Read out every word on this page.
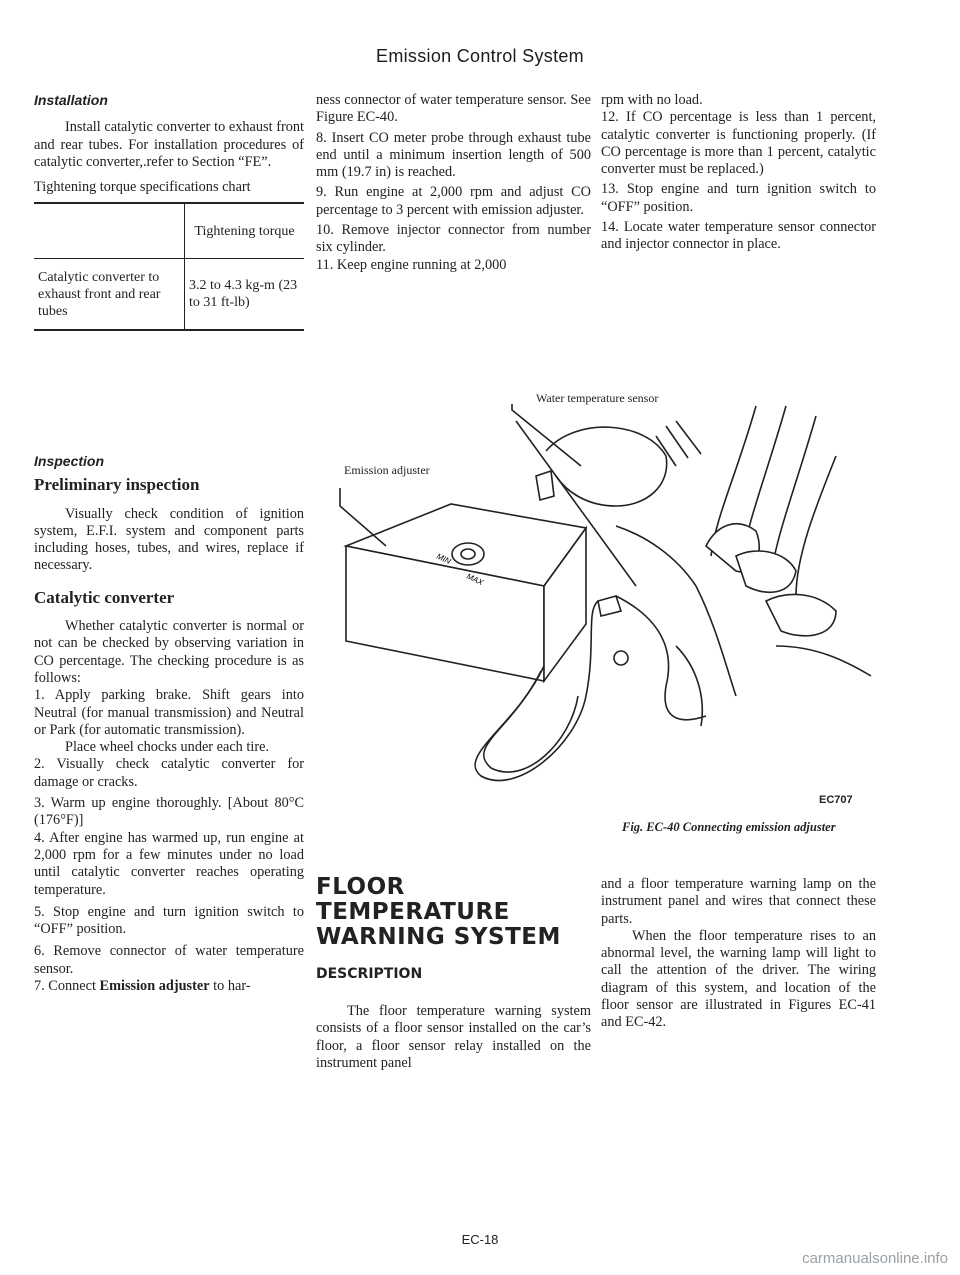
Emission Control System
Installation

Install catalytic converter to exhaust front and rear tubes. For installation procedures of catalytic converter,.refer to Section “FE”.

Tightening torque specifications chart

	Tightening torque
Catalytic converter to exhaust front and rear tubes	3.2 to 4.3 kg-m (23 to 31 ft-lb)
Inspection
Preliminary inspection

Visually check condition of ignition system, E.F.I. system and component parts including hoses, tubes, and wires, replace if necessary.

Catalytic converter

Whether catalytic converter is normal or not can be checked by observing variation in CO percentage. The checking procedure is as follows:

1. Apply parking brake. Shift gears into Neutral (for manual transmission) and Neutral or Park (for automatic transmission).

Place wheel chocks under each tire.

2. Visually check catalytic converter for damage or cracks.

3. Warm up engine thoroughly. [About 80°C (176°F)]

4. After engine has warmed up, run engine at 2,000 rpm for a few minutes under no load until catalytic converter reaches operating temperature.

5. Stop engine and turn ignition switch to “OFF” position.

6. Remove connector of water temperature sensor.

7. Connect Emission adjuster to har-

ness connector of water temperature sensor. See Figure EC-40.

8. Insert CO meter probe through exhaust tube end until a minimum insertion length of 500 mm (19.7 in) is reached.

9. Run engine at 2,000 rpm and adjust CO percentage to 3 percent with emission adjuster.

10. Remove injector connector from number six cylinder.

11. Keep engine running at 2,000

rpm with no load.

12. If CO percentage is less than 1 percent, catalytic converter is functioning properly. (If CO percentage is more than 1 percent, catalytic converter must be replaced.)

13. Stop engine and turn ignition switch to “OFF” position.

14. Locate water temperature sensor connector and injector connector in place.

MIN
MAX
Water temperature sensor
Emission adjuster
EC707
Fig. EC-40 Connecting emission adjuster
FLOOR
TEMPERATURE
WARNING SYSTEM
DESCRIPTION

The floor temperature warning system consists of a floor sensor installed on the car’s floor, a floor sensor relay installed on the instrument panel

and a floor temperature warning lamp on the instrument panel and wires that connect these parts.

When the floor temperature rises to an abnormal level, the warning lamp will light to call the attention of the driver. The wiring diagram of this system, and location of the floor sensor are illustrated in Figures EC-41 and EC-42.

EC-18
carmanualsonline.info
